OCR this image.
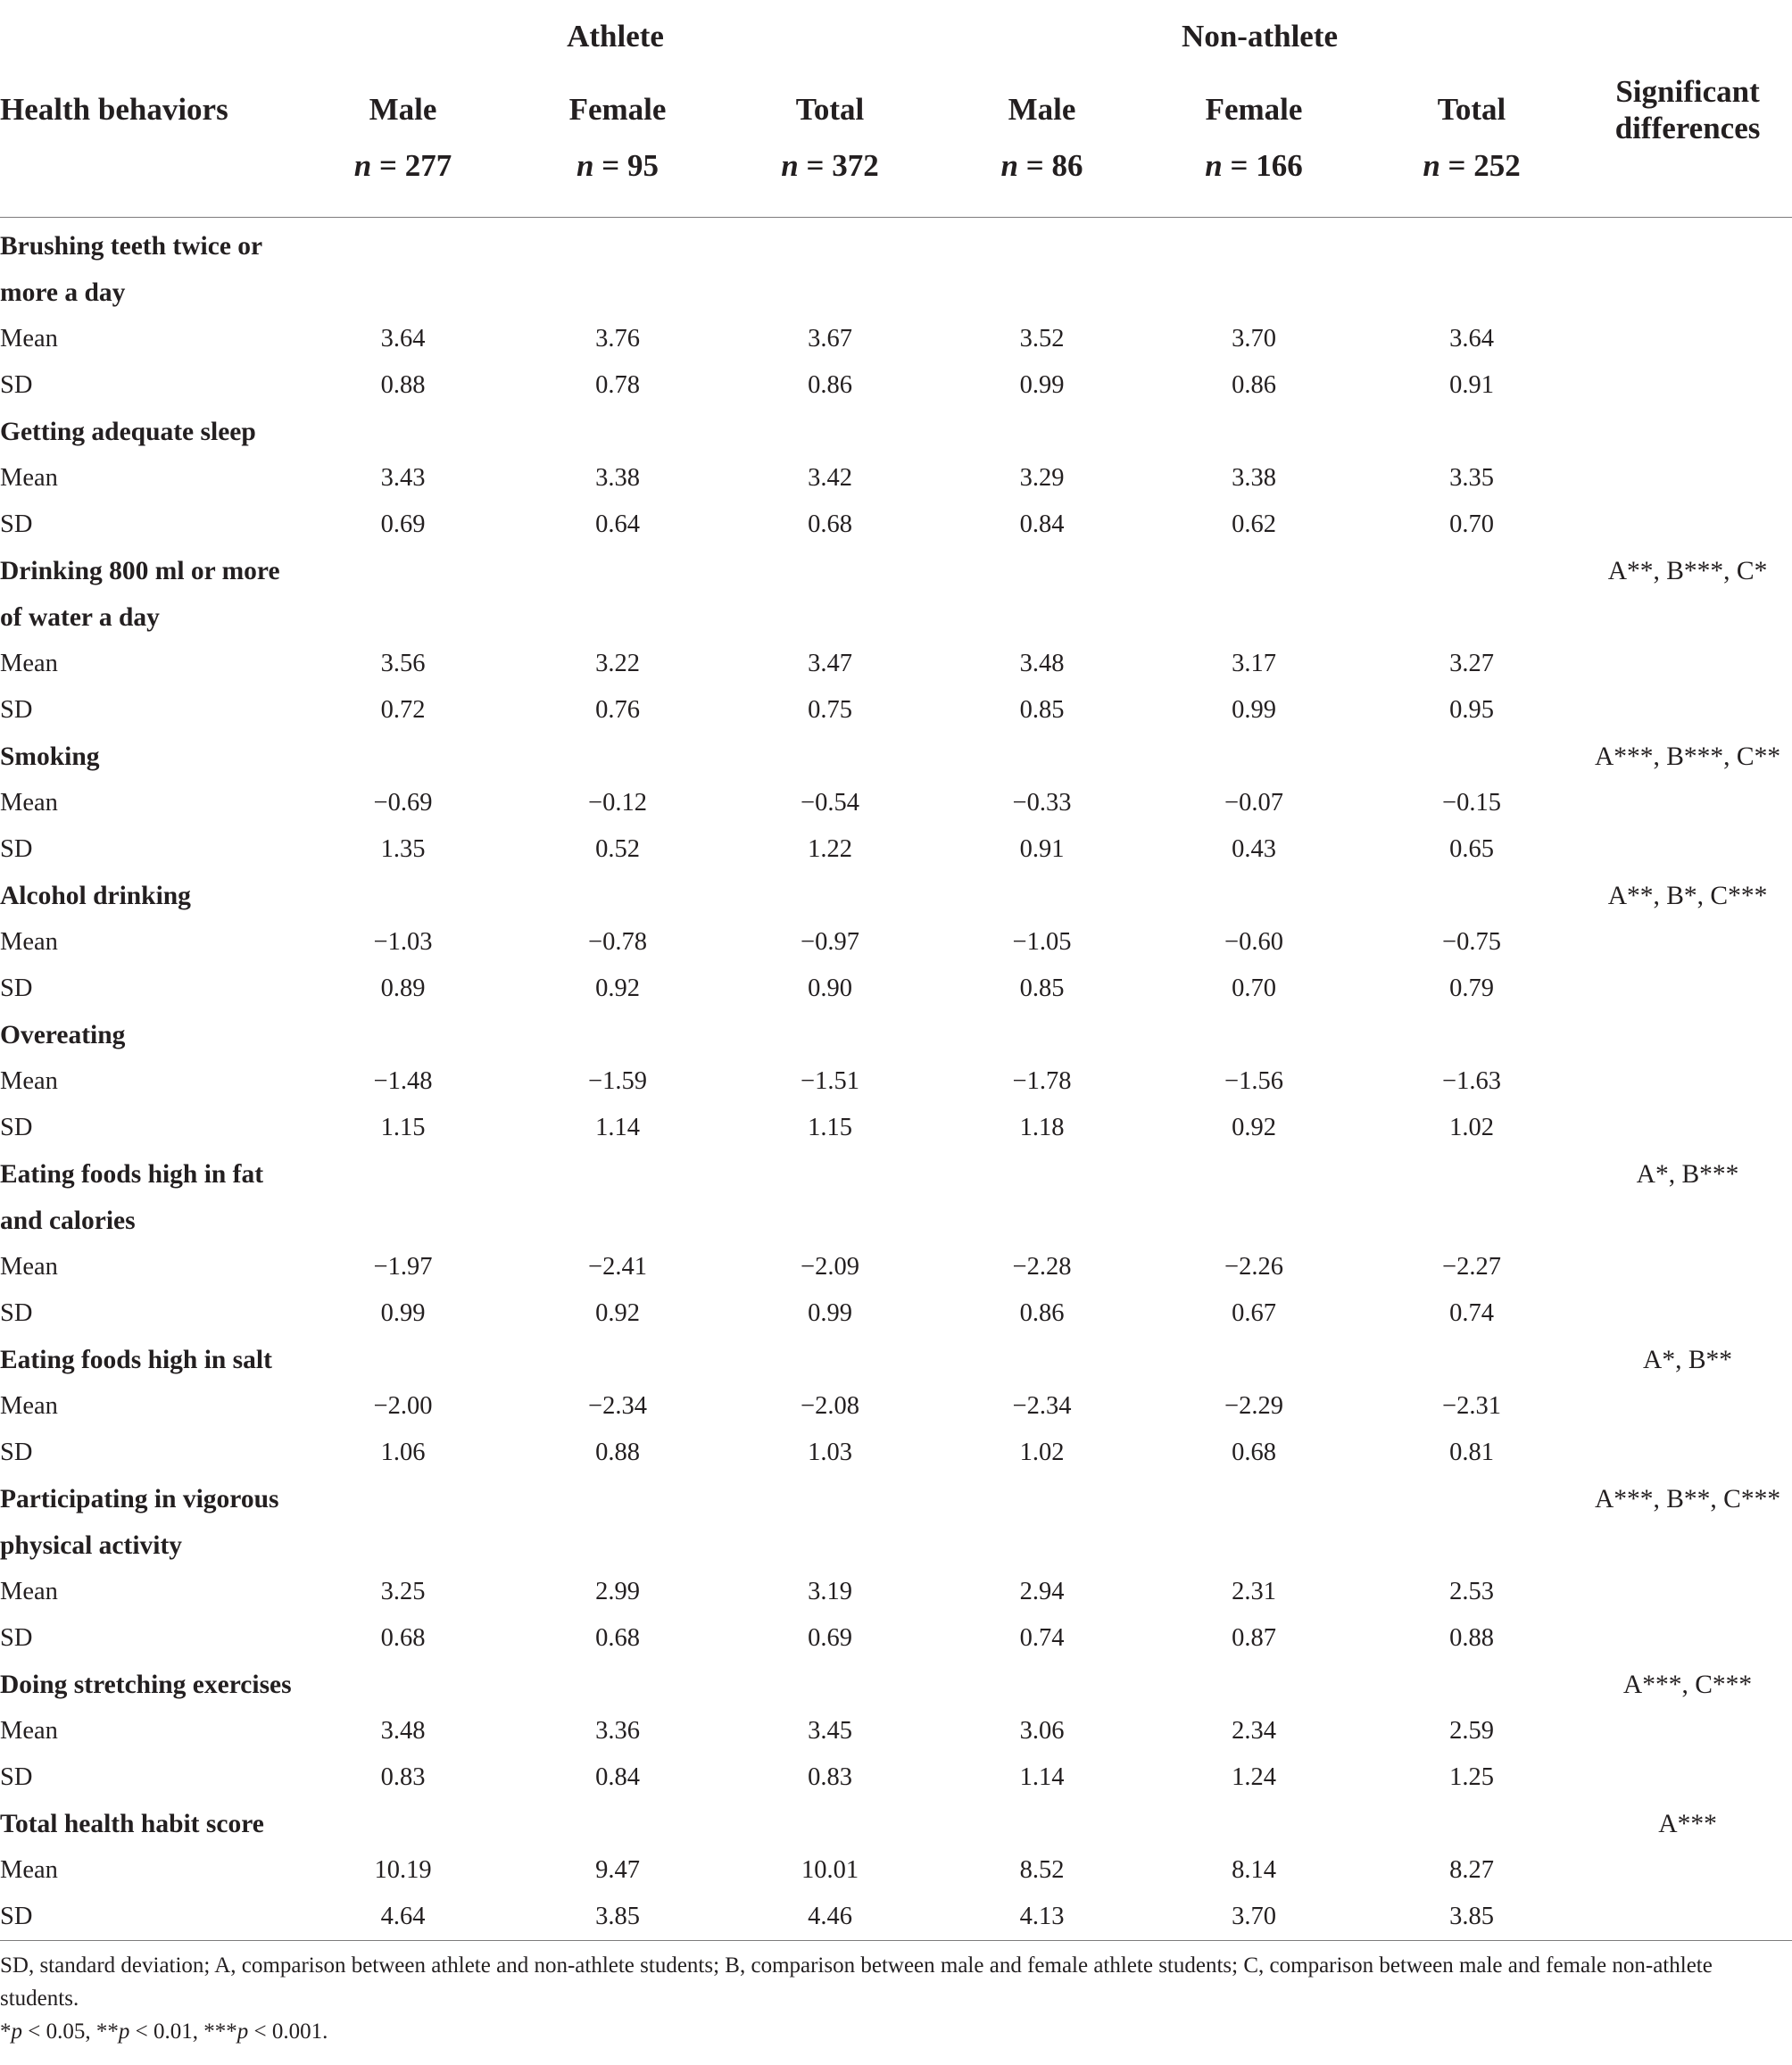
	Athlete			Non-athlete			
Health behaviors	Male	Female	Total	Male	Female	Total	Significant
differences
	n = 277	n = 95	n = 372	n = 86	n = 166	n = 252	

Brushing teeth twice or							
more a day							
Mean	3.64	3.76	3.67	3.52	3.70	3.64	
SD	0.88	0.78	0.86	0.99	0.86	0.91	
Getting adequate sleep							
Mean	3.43	3.38	3.42	3.29	3.38	3.35	
SD	0.69	0.64	0.68	0.84	0.62	0.70	
Drinking 800 ml or more							A**, B***, C*
of water a day							
Mean	3.56	3.22	3.47	3.48	3.17	3.27	
SD	0.72	0.76	0.75	0.85	0.99	0.95	
Smoking							A***, B***, C**
Mean	−0.69	−0.12	−0.54	−0.33	−0.07	−0.15	
SD	1.35	0.52	1.22	0.91	0.43	0.65	
Alcohol drinking							A**, B*, C***
Mean	−1.03	−0.78	−0.97	−1.05	−0.60	−0.75	
SD	0.89	0.92	0.90	0.85	0.70	0.79	
Overeating							
Mean	−1.48	−1.59	−1.51	−1.78	−1.56	−1.63	
SD	1.15	1.14	1.15	1.18	0.92	1.02	
Eating foods high in fat							A*, B***
and calories							
Mean	−1.97	−2.41	−2.09	−2.28	−2.26	−2.27	
SD	0.99	0.92	0.99	0.86	0.67	0.74	
Eating foods high in salt							A*, B**
Mean	−2.00	−2.34	−2.08	−2.34	−2.29	−2.31	
SD	1.06	0.88	1.03	1.02	0.68	0.81	
Participating in vigorous							A***, B**, C***
physical activity							
Mean	3.25	2.99	3.19	2.94	2.31	2.53	
SD	0.68	0.68	0.69	0.74	0.87	0.88	
Doing stretching exercises							A***, C***
Mean	3.48	3.36	3.45	3.06	2.34	2.59	
SD	0.83	0.84	0.83	1.14	1.24	1.25	
Total health habit score							A***
Mean	10.19	9.47	10.01	8.52	8.14	8.27	
SD	4.64	3.85	4.46	4.13	3.70	3.85	

SD, standard deviation; A, comparison between athlete and non-athlete students; B, comparison between male and female athlete students; C, comparison between male and female non-athlete students.

*p < 0.05, **p < 0.01, ***p < 0.001.
